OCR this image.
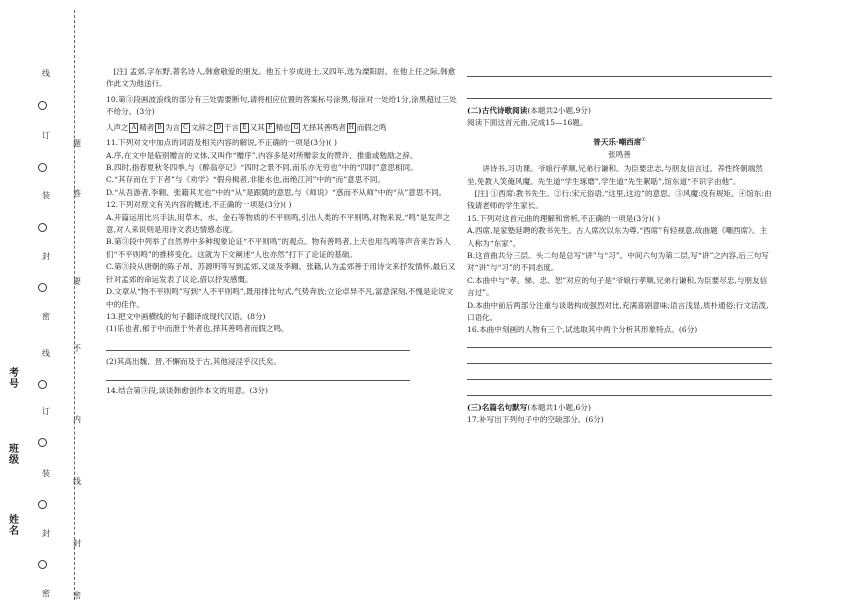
线
订
装
封
密
题
答
要
不
内
线
封
密
线
订
装
封
密
考号
班级
姓名

[注] 孟郊,字东野,著名诗人,韩愈敬爱的朋友。他五十岁成进士,又四年,选为溧阳尉。在他上任之际,韩愈作此文为他送行。

10.第③段画波浪线的部分有三处需要断句,请将相应位置的答案标号涂黑,每涂对一处给1分,涂黑超过三处不给分。(3分)

人声之 A 精者 B 为言 C 文辞之 D 于言 E 又其 F 精也 G 尤择其善鸣者 H 而假之鸣

11.下列对文中加点的词语及相关内容的解说,不正确的一项是(3分)( )

A.序,在文中是临别赠言的文体,又叫作“赠序”,内容多是对所赠亲友的赞许、推重或勉励之辞。

B.四时,指春夏秋冬四季,与《醉翁亭记》“四时之景不同,而乐亦无穷也”中的“四时”意思相同。

C.“其存而在于下者”与《劝学》“假舟楫者,非能水也,而绝江河”中的“而”意思不同。

D.“从吾游者,李翱、张籍其尤也”中的“从”是跟随的意思,与《师说》“惑而不从师”中的“从”意思不同。

12.下列对原文有关内容的概述,不正确的一项是(3分)( )

A.开篇运用比兴手法,用草木、水、金石等物质的不平则鸣,引出人类的不平则鸣,对物来说,“鸣”是发声之意,对人来说则是用诗文表达情感态度。

B.第③段中列举了自然界中多种现象论证“不平则鸣”的观点。物有善鸣者,上天也用鸟鸣等声音来告诉人们“不平则鸣”的推移变化。这就为下文阐述“人也亦然”打下了论证的基础。

C.第③段从唐朝的陈子昂、苏源明等写到孟郊,又谈及李翱、张籍,认为孟郊善于用诗文来抒发情怀,最后又针对孟郊的命运发表了议论,借以抒发感慨。

D.文章从“物不平则鸣”写到“人不平则鸣”,既用排比句式,气势奔放;立论卓异不凡,富意深刻,不愧是论说文中的佳作。

13.把文中画横线的句子翻译成现代汉语。(8分)

(1)乐也者,郁于中而泄于外者也,择其善鸣者而假之鸣。

(2)其高出魏、晋,不懈而及于古,其他浸淫乎汉氏矣。

14.结合第③段,谈谈韩愈创作本文的用意。(3分)

(二)古代诗歌阅读(本题共2小题,9分)

阅读下面这首元曲,完成15—16题。

普天乐·嘲西席①

张鸣善

讲诗书,习功课。爷娘行孝顺,兄弟行谦和。为臣要忠志,与朋友信言过。养性终朝端然坐,免教人笑俺风魔。先生道“学生琢磨”,学生道“先生絮聒”,馆东道“不识字由他”。

[注] ①西席:教书先生。②行:宋元俗语,“这里,这边”的意思。③风魔:没有规矩。④馆东:由钱请老师的学生家长。

15.下列对这首元曲的理解和赏析,不正确的一项是(3分)( )

A.西席,是家塾延聘的教书先生。古人席次以东为尊,“西席”有轻视意,故曲题《嘲西席》。主人称为“东家”。

B.这首曲共分三层。头二句是总写“讲”与“习”。中间六句为第二层,写“讲”之内容,后三句写对“讲”与“习”的不同态度。

C.本曲中与“孝、悌、忠、恕”对应的句子是“爷娘行孝顺,兄弟行谦和,为臣要尽忠,与朋友信言过”。

D.本曲中前后两部分注重与谈谐构成强烈对比,充满喜剧意味;语言浅显,质朴通俗;行文活泼,口语化。

16.本曲中刻画的人物有三个,试选取其中两个分析其形象特点。(6分)

(三)名篇名句默写(本题共1小题,6分)

17.补写出下列句子中的空缺部分。(6分)
